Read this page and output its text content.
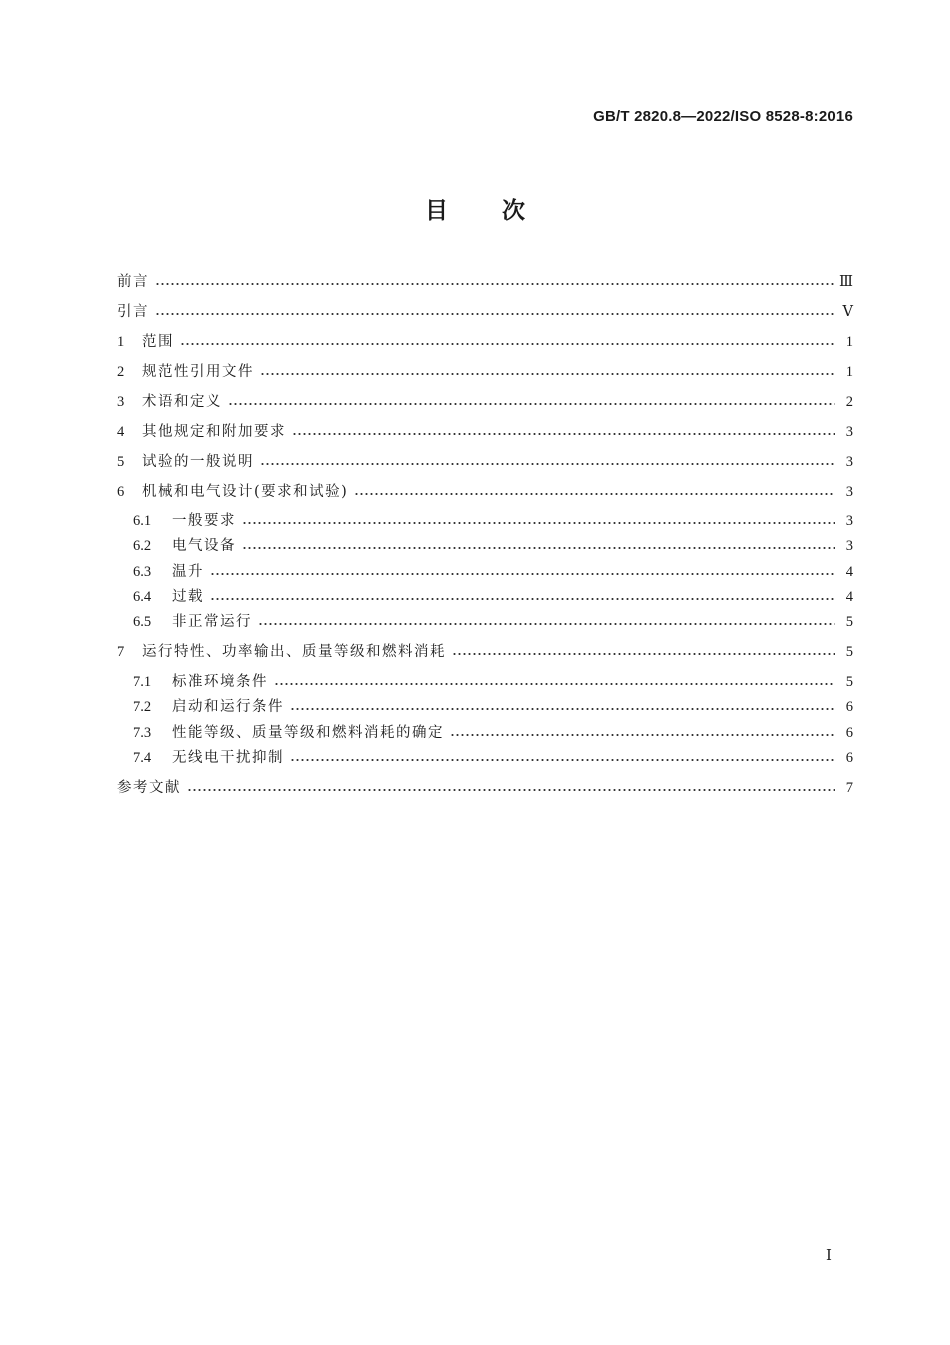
GB/T 2820.8—2022/ISO 8528-8:2016
目次
前言	Ⅲ
引言	Ⅴ
1	范围	1
2	规范性引用文件	1
3	术语和定义	2
4	其他规定和附加要求	3
5	试验的一般说明	3
6	机械和电气设计(要求和试验)	3
6.1	一般要求	3
6.2	电气设备	3
6.3	温升	4
6.4	过载	4
6.5	非正常运行	5
7	运行特性、功率输出、质量等级和燃料消耗	5
7.1	标准环境条件	5
7.2	启动和运行条件	6
7.3	性能等级、质量等级和燃料消耗的确定	6
7.4	无线电干扰抑制	6
参考文献	7
Ⅰ
